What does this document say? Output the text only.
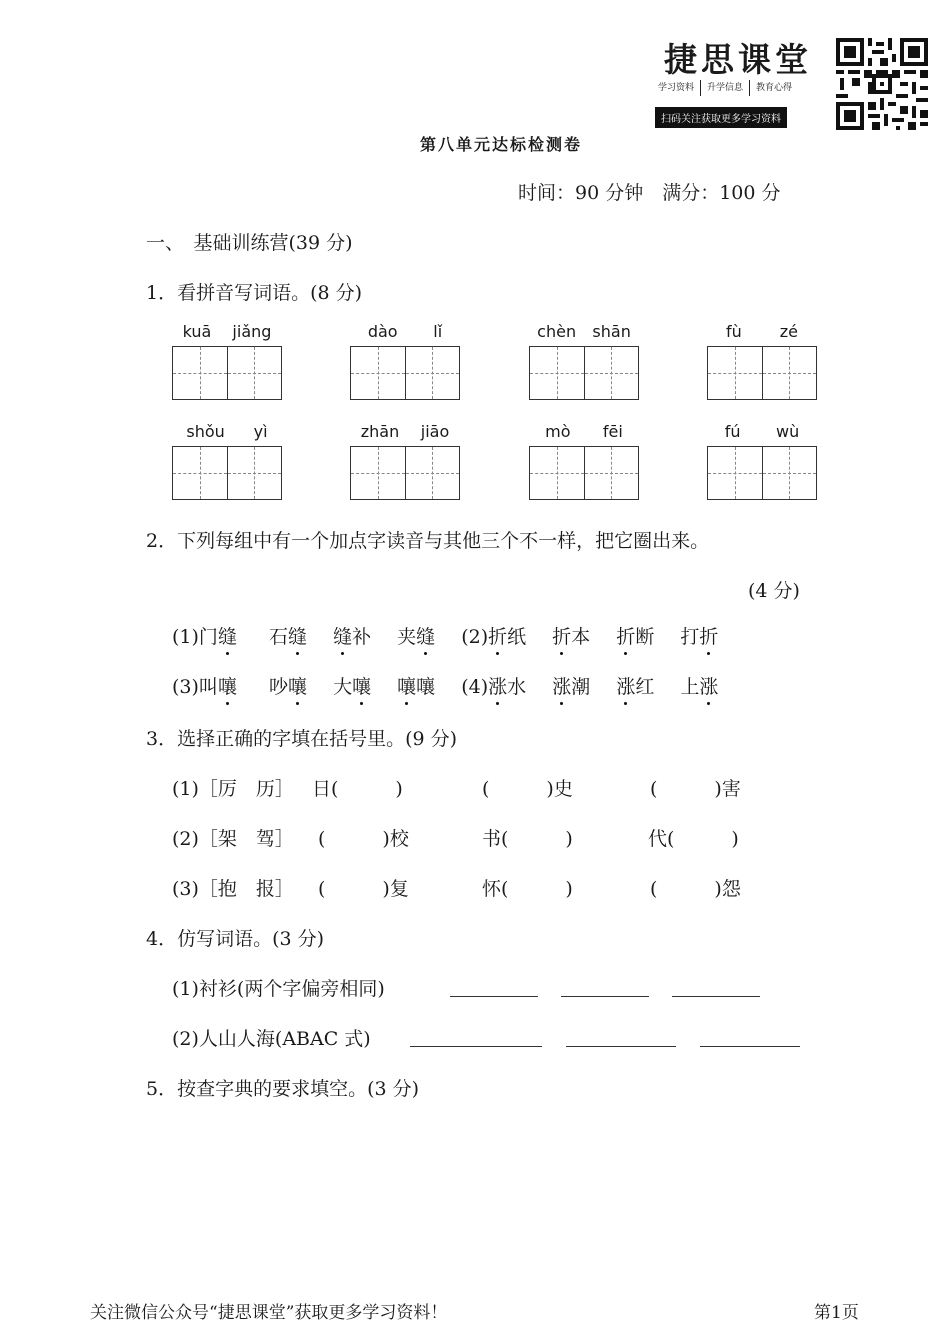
捷思课堂
学习资料	升学信息	教育心得
扫码关注获取更多学习资料
第八单元达标检测卷
时间：90 分钟　满分：100 分
一、　基础训练营(39 分)
1．看拼音写词语。(8 分)
kuā jiǎng	dào lǐ	chèn shān	fù zé
shǒu yì	zhān jiāo	mò fēi	fú wù
2．下列每组中有一个加点字读音与其他三个不一样，把它圈出来。
(4 分)
(1)门缝 石缝 缝补 夹缝 (2)折纸 折本 折断 打折
(3)叫嚷 吵嚷 大嚷 嚷嚷 (4)涨水 涨潮 涨红 上涨
3．选择正确的字填在括号里。(9 分)
(1)［厉　历］ 日(　　　)	(　　　)史	(　　　)害
(2)［架　驾］ (　　　)校	书(　　　)	代(　　　)
(3)［抱　报］ (　　　)复	怀(　　　)	(　　　)怨
4．仿写词语。(3 分)
(1)衬衫(两个字偏旁相同)
(2)人山人海(ABAC 式)
5．按查字典的要求填空。(3 分)
关注微信公众号“捷思课堂”获取更多学习资料！	第1页
